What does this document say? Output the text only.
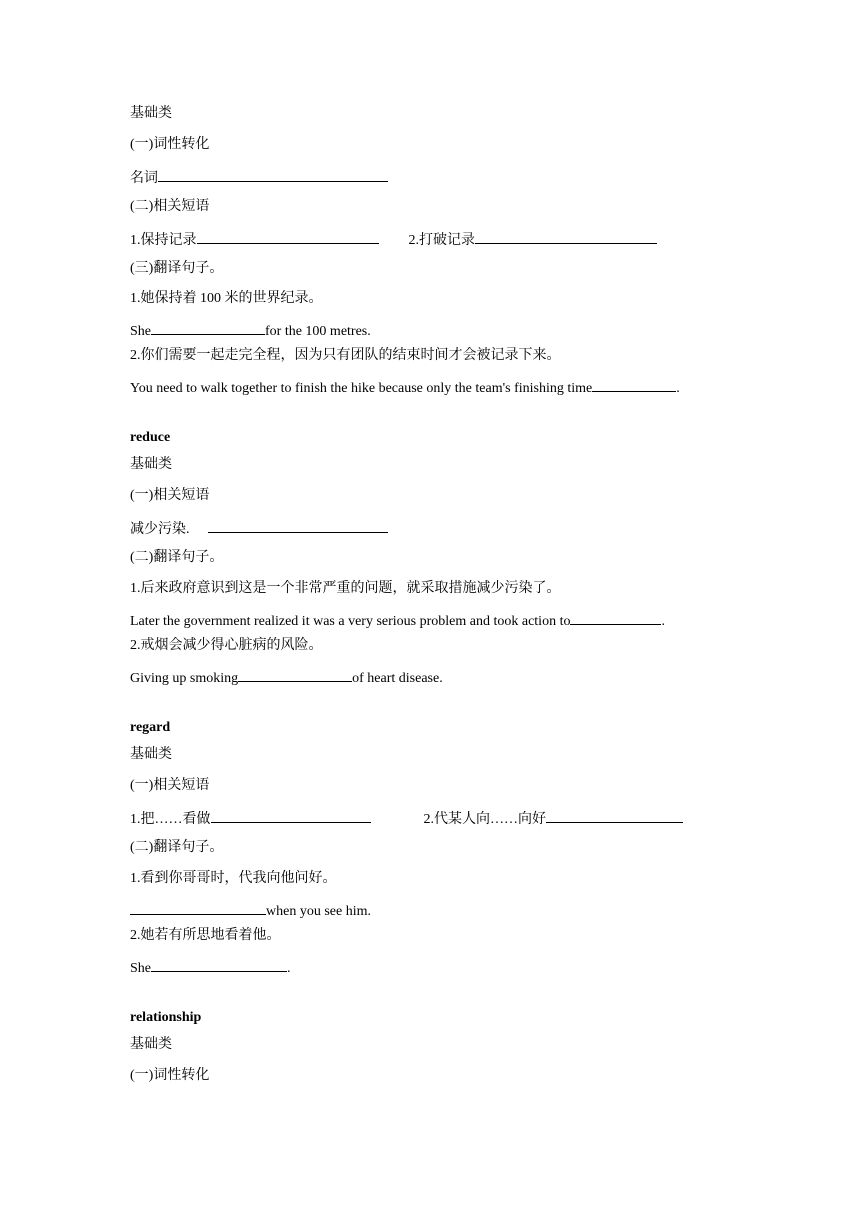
基础类
(一)词性转化
名词
(二)相关短语
1.保持记录	2.打破记录
(三)翻译句子。
1.她保持着 100 米的世界纪录。
She	for the 100 metres.
2.你们需要一起走完全程，因为只有团队的结束时间才会被记录下来。
You need to walk together to finish the hike because only the team's finishing time	.
reduce
基础类
(一)相关短语
减少污染.
(二)翻译句子。
1.后来政府意识到这是一个非常严重的问题，就采取措施减少污染了。
Later the government realized it was a very serious problem and took action to	.
2.戒烟会减少得心脏病的风险。
Giving up smoking	of heart disease.
regard
基础类
(一)相关短语
1.把……看做	2.代某人向……向好
(二)翻译句子。
1.看到你哥哥时，代我向他问好。
when you see him.
2.她若有所思地看着他。
She	.
relationship
基础类
(一)词性转化
